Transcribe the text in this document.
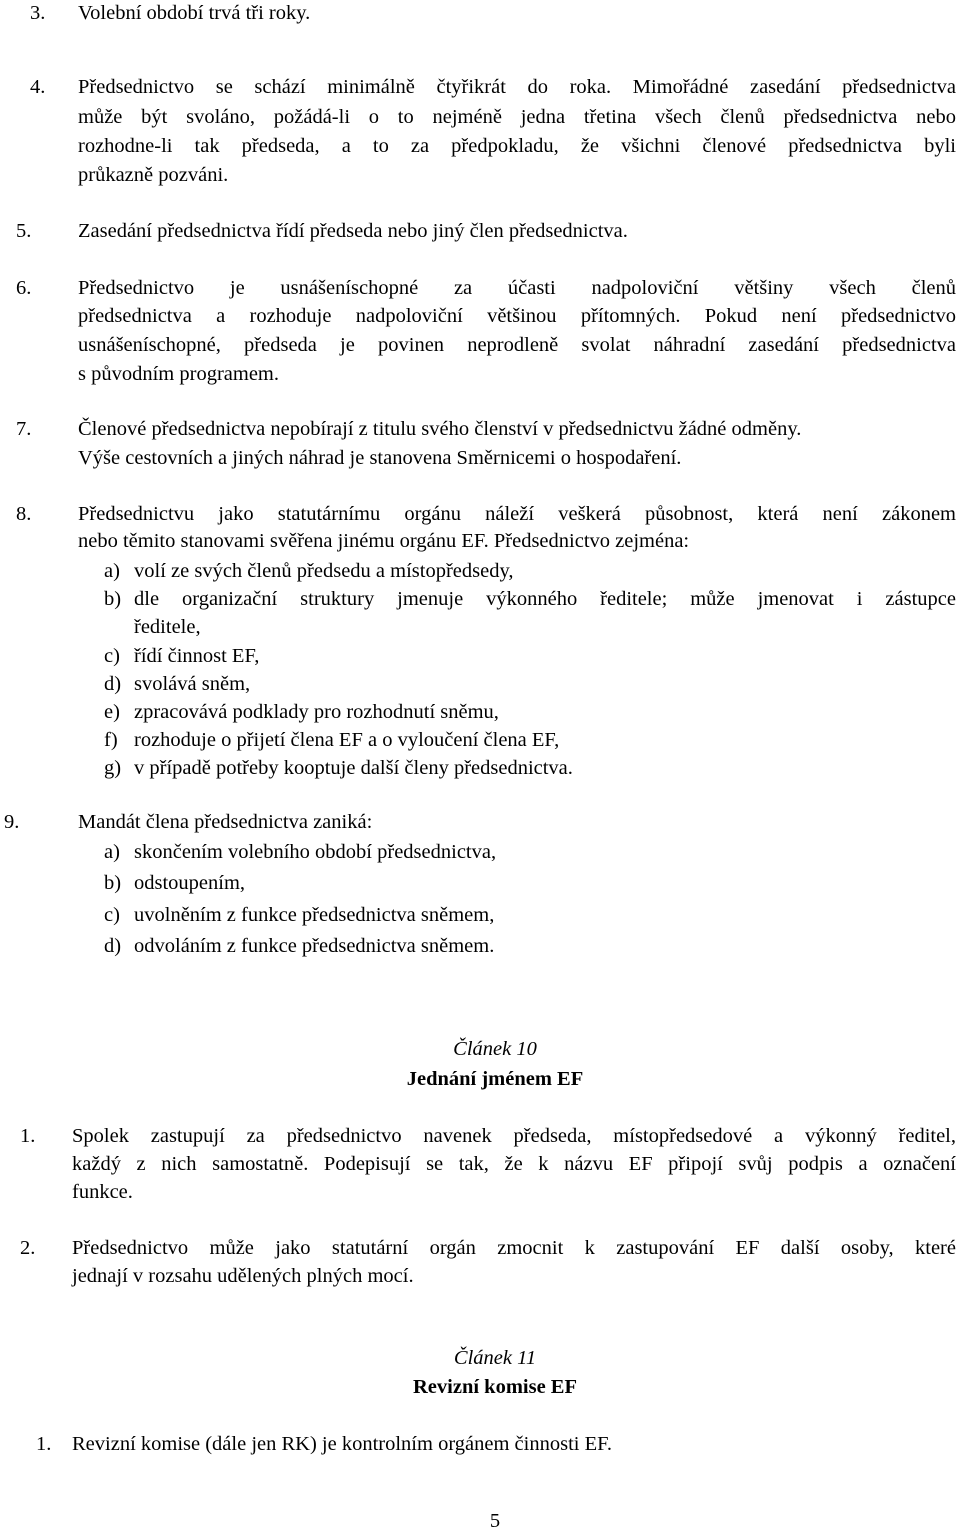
3. Volební období trvá tři roky.
4. Předsednictvo se schází minimálně čtyřikrát do roka. Mimořádné zasedání předsednictva
může být svoláno, požádá-li o to nejméně jedna třetina všech členů předsednictva nebo
rozhodne-li tak předseda, a to za předpokladu, že všichni členové předsednictva byli
průkazně pozváni.
5. Zasedání předsednictva řídí předseda nebo jiný člen předsednictva.
6. Předsednictvo je usnášeníschopné za účasti nadpoloviční většiny všech členů
předsednictva a rozhoduje nadpoloviční většinou přítomných. Pokud není předsednictvo
usnášeníschopné, předseda je povinen neprodleně svolat náhradní zasedání předsednictva
s původním programem.
7. Členové předsednictva nepobírají z titulu svého členství v předsednictvu žádné odměny.
Výše cestovních a jiných náhrad je stanovena Směrnicemi o hospodaření.
8. Předsednictvu jako statutárnímu orgánu náleží veškerá působnost, která není zákonem
nebo těmito stanovami svěřena jinému orgánu EF. Předsednictvo zejména:
a) volí ze svých členů předsedu a místopředsedy,
b) dle organizační struktury jmenuje výkonného ředitele; může jmenovat i zástupce
ředitele,
c) řídí činnost EF,
d) svolává sněm,
e) zpracovává podklady pro rozhodnutí sněmu,
f) rozhoduje o přijetí člena EF a o vyloučení člena EF,
g) v případě potřeby kooptuje další členy předsednictva.
9.	Mandát člena předsednictva zaniká:
a) skončením volebního období předsednictva,
b) odstoupením,
c) uvolněním z funkce předsednictva sněmem,
d) odvoláním z funkce předsednictva sněmem.
Článek 10
Jednání jménem EF
1. Spolek zastupují za předsednictvo navenek předseda, místopředsedové a výkonný ředitel,
každý z nich samostatně. Podepisují se tak, že k názvu EF připojí svůj podpis a označení
funkce.
2. Předsednictvo může jako statutární orgán zmocnit k zastupování EF další osoby, které
jednají v rozsahu udělených plných mocí.
Článek 11
Revizní komise EF
1. Revizní komise (dále jen RK) je kontrolním orgánem činnosti EF.
5
